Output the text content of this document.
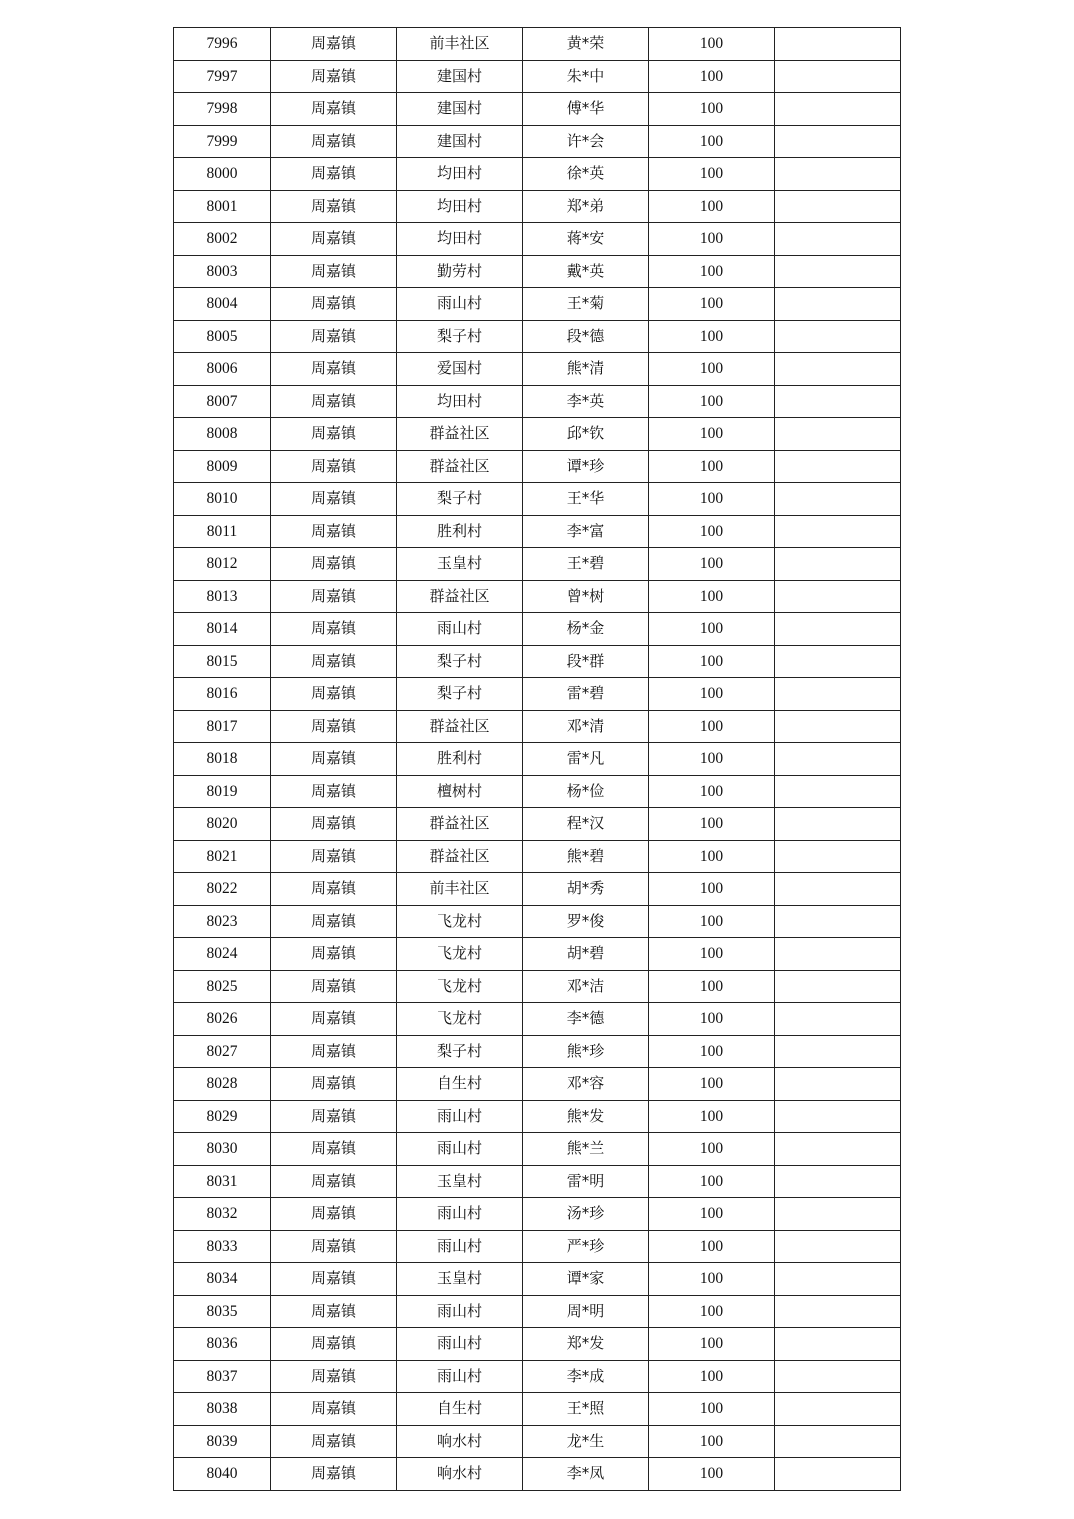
7996	周嘉镇	前丰社区	黄*荣	100	
7997	周嘉镇	建国村	朱*中	100	
7998	周嘉镇	建国村	傅*华	100	
7999	周嘉镇	建国村	许*会	100	
8000	周嘉镇	均田村	徐*英	100	
8001	周嘉镇	均田村	郑*弟	100	
8002	周嘉镇	均田村	蒋*安	100	
8003	周嘉镇	勤劳村	戴*英	100	
8004	周嘉镇	雨山村	王*菊	100	
8005	周嘉镇	梨子村	段*德	100	
8006	周嘉镇	爱国村	熊*清	100	
8007	周嘉镇	均田村	李*英	100	
8008	周嘉镇	群益社区	邱*钦	100	
8009	周嘉镇	群益社区	谭*珍	100	
8010	周嘉镇	梨子村	王*华	100	
8011	周嘉镇	胜利村	李*富	100	
8012	周嘉镇	玉皇村	王*碧	100	
8013	周嘉镇	群益社区	曾*树	100	
8014	周嘉镇	雨山村	杨*金	100	
8015	周嘉镇	梨子村	段*群	100	
8016	周嘉镇	梨子村	雷*碧	100	
8017	周嘉镇	群益社区	邓*清	100	
8018	周嘉镇	胜利村	雷*凡	100	
8019	周嘉镇	檀树村	杨*俭	100	
8020	周嘉镇	群益社区	程*汉	100	
8021	周嘉镇	群益社区	熊*碧	100	
8022	周嘉镇	前丰社区	胡*秀	100	
8023	周嘉镇	飞龙村	罗*俊	100	
8024	周嘉镇	飞龙村	胡*碧	100	
8025	周嘉镇	飞龙村	邓*洁	100	
8026	周嘉镇	飞龙村	李*德	100	
8027	周嘉镇	梨子村	熊*珍	100	
8028	周嘉镇	自生村	邓*容	100	
8029	周嘉镇	雨山村	熊*发	100	
8030	周嘉镇	雨山村	熊*兰	100	
8031	周嘉镇	玉皇村	雷*明	100	
8032	周嘉镇	雨山村	汤*珍	100	
8033	周嘉镇	雨山村	严*珍	100	
8034	周嘉镇	玉皇村	谭*家	100	
8035	周嘉镇	雨山村	周*明	100	
8036	周嘉镇	雨山村	郑*发	100	
8037	周嘉镇	雨山村	李*成	100	
8038	周嘉镇	自生村	王*照	100	
8039	周嘉镇	响水村	龙*生	100	
8040	周嘉镇	响水村	李*凤	100	
